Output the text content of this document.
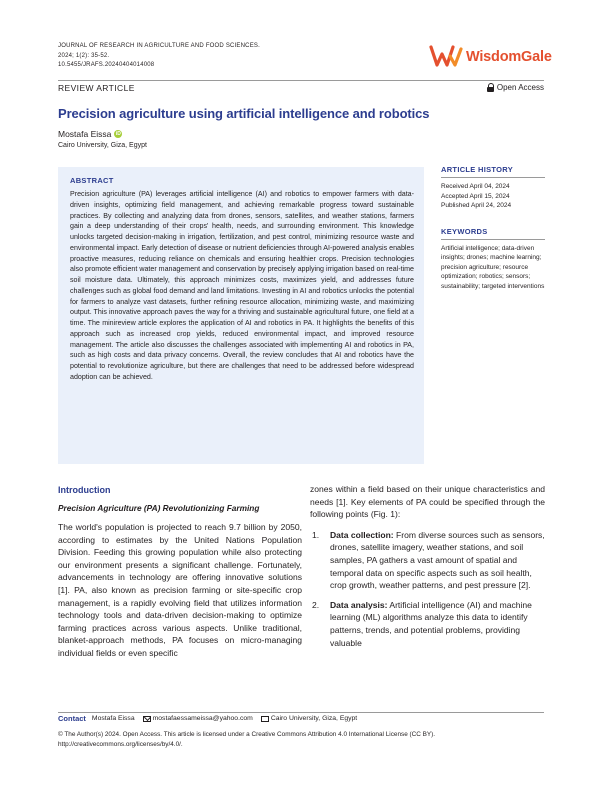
JOURNAL OF RESEARCH IN AGRICULTURE AND FOOD SCIENCES.
2024; 1(2): 35-52.
10.5455/JRAFS.20240404014008
WisdomGale
REVIEW ARTICLE	Open Access
Precision agriculture using artificial intelligence and robotics
Mostafa Eissa iD
Cairo University, Giza, Egypt
ABSTRACT
Precision agriculture (PA) leverages artificial intelligence (AI) and robotics to empower farmers with data-driven insights, optimizing field management, and achieving remarkable progress toward sustainable practices. By collecting and analyzing data from drones, sensors, satellites, and weather stations, farmers gain a deep understanding of their crops' health, needs, and surrounding environment. This knowledge unlocks targeted decision-making in irrigation, fertilization, and pest control, minimizing resource waste and environmental impact. Early detection of disease or nutrient deficiencies through AI-powered analysis enables proactive measures, reducing reliance on chemicals and ensuring healthier crops. Precision technologies also promote efficient water management and conservation by precisely applying irrigation based on real-time soil moisture data. Ultimately, this approach minimizes costs, maximizes yield, and addresses future challenges such as global food demand and land limitations. Investing in AI and robotics unlocks the potential for farmers to analyze vast datasets, further refining resource allocation, minimizing waste, and maximizing output. This innovative approach paves the way for a thriving and sustainable agricultural future, one field at a time. The minireview article explores the application of AI and robotics in PA. It highlights the benefits of this approach such as increased crop yields, reduced environmental impact, and improved resource management. The article also discusses the challenges associated with implementing AI and robotics in PA, such as high costs and data privacy concerns. Overall, the review concludes that AI and robotics have the potential to revolutionize agriculture, but there are challenges that need to be addressed before widespread adoption can be achieved.
ARTICLE HISTORY
Received April 04, 2024
Accepted April 15, 2024
Published April 24, 2024
KEYWORDS
Artificial intelligence; data-driven insights; drones; machine learning; precision agriculture; resource optimization; robotics; sensors; sustainability; targeted interventions
Introduction
Precision Agriculture (PA) Revolutionizing Farming
The world's population is projected to reach 9.7 billion by 2050, according to estimates by the United Nations Population Division. Feeding this growing population while also protecting our environment presents a significant challenge. Fortunately, advancements in technology are offering innovative solutions [1]. PA, also known as precision farming or site-specific crop management, is a rapidly evolving field that utilizes information technology tools and data-driven decision-making to optimize farming practices across various aspects. Unlike traditional, blanket-approach methods, PA focuses on micro-managing individual fields or even specific
zones within a field based on their unique characteristics and needs [1]. Key elements of PA could be specified through the following points (Fig. 1):
1. Data collection: From diverse sources such as sensors, drones, satellite imagery, weather stations, and soil samples, PA gathers a vast amount of spatial and temporal data on specific aspects such as soil health, crop growth, weather patterns, and pest pressure [2].
2. Data analysis: Artificial intelligence (AI) and machine learning (ML) algorithms analyze this data to identify patterns, trends, and potential problems, providing valuable
Contact Mostafa Eissa	mostafaessameissa@yahoo.com	Cairo University, Giza, Egypt
© The Author(s) 2024. Open Access. This article is licensed under a Creative Commons Attribution 4.0 International License (CC BY).
http://creativecommons.org/licenses/by/4.0/.
